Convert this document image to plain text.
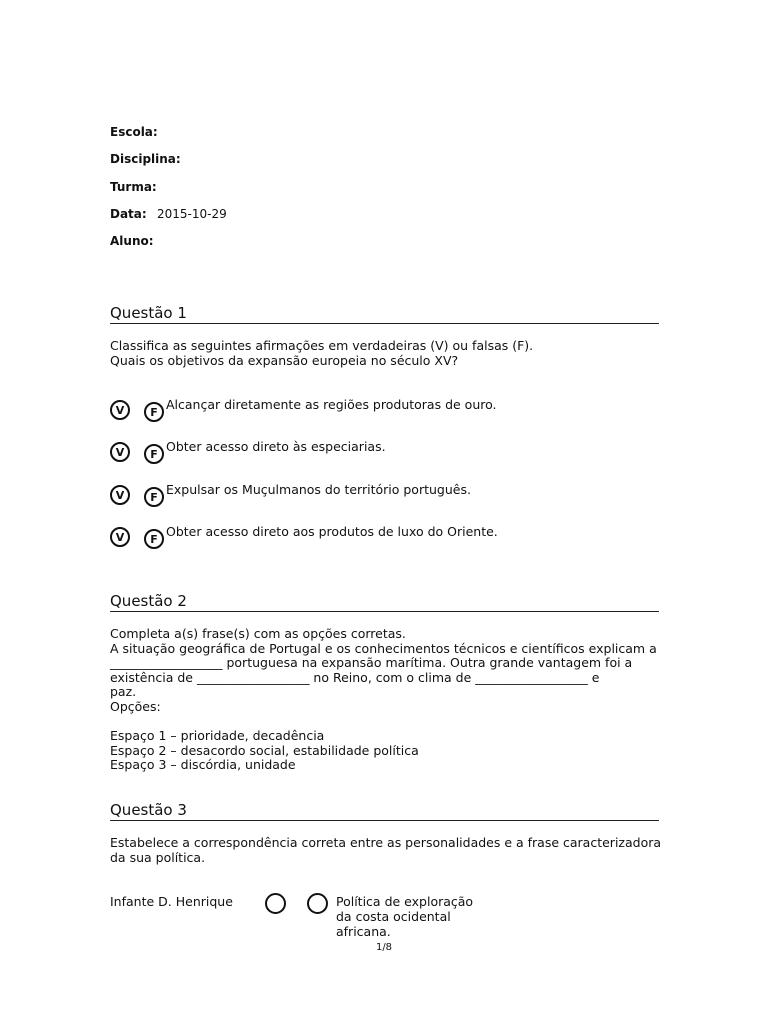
Escola:
Disciplina:
Turma:
Data: 2015-10-29
Aluno:
Questão 1
Classifica as seguintes afirmações em verdadeiras (V) ou falsas (F).
Quais os objetivos da expansão europeia no século XV?
V	F Alcançar diretamente as regiões produtoras de ouro.
V	F Obter acesso direto às especiarias.
V	F Expulsar os Muçulmanos do território português.
V	F Obter acesso direto aos produtos de luxo do Oriente.
Questão 2
Completa a(s) frase(s) com as opções corretas.
A situação geográfica de Portugal e os conhecimentos técnicos e científicos explicam a
__________________ portuguesa na expansão marítima. Outra grande vantagem foi a
existência de __________________ no Reino, com o clima de __________________ e
paz.
Opções:
Espaço 1 – prioridade, decadência
Espaço 2 – desacordo social, estabilidade política
Espaço 3 – discórdia, unidade
Questão 3
Estabelece a correspondência correta entre as personalidades e a frase caracterizadora
da sua política.
Infante D. Henrique	Política de exploração
da costa ocidental
africana.
1/8
